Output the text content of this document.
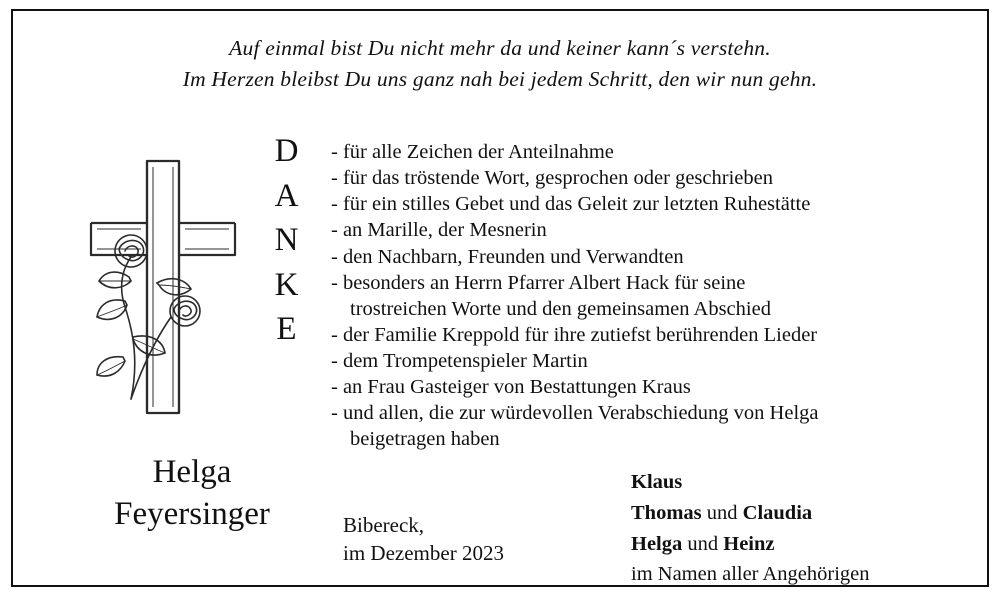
Auf einmal bist Du nicht mehr da und keiner kann´s verstehn.
Im Herzen bleibst Du uns ganz nah bei jedem Schritt, den wir nun gehn.
D
A
N
K
E
- für alle Zeichen der Anteilnahme
- für das tröstende Wort, gesprochen oder geschrieben
- für ein stilles Gebet und das Geleit zur letzten Ruhestätte
- an Marille, der Mesnerin
- den Nachbarn, Freunden und Verwandten
- besonders an Herrn Pfarrer Albert Hack für seine
trostreichen Worte und den gemeinsamen Abschied
- der Familie Kreppold für ihre zutiefst berührenden Lieder
- dem Trompetenspieler Martin
- an Frau Gasteiger von Bestattungen Kraus
- und allen, die zur würdevollen Verabschiedung von Helga
beigetragen haben
Helga
Feyersinger	Bibereck,
im Dezember 2023
Klaus
Thomas und Claudia
Helga und Heinz
im Namen aller Angehörigen
